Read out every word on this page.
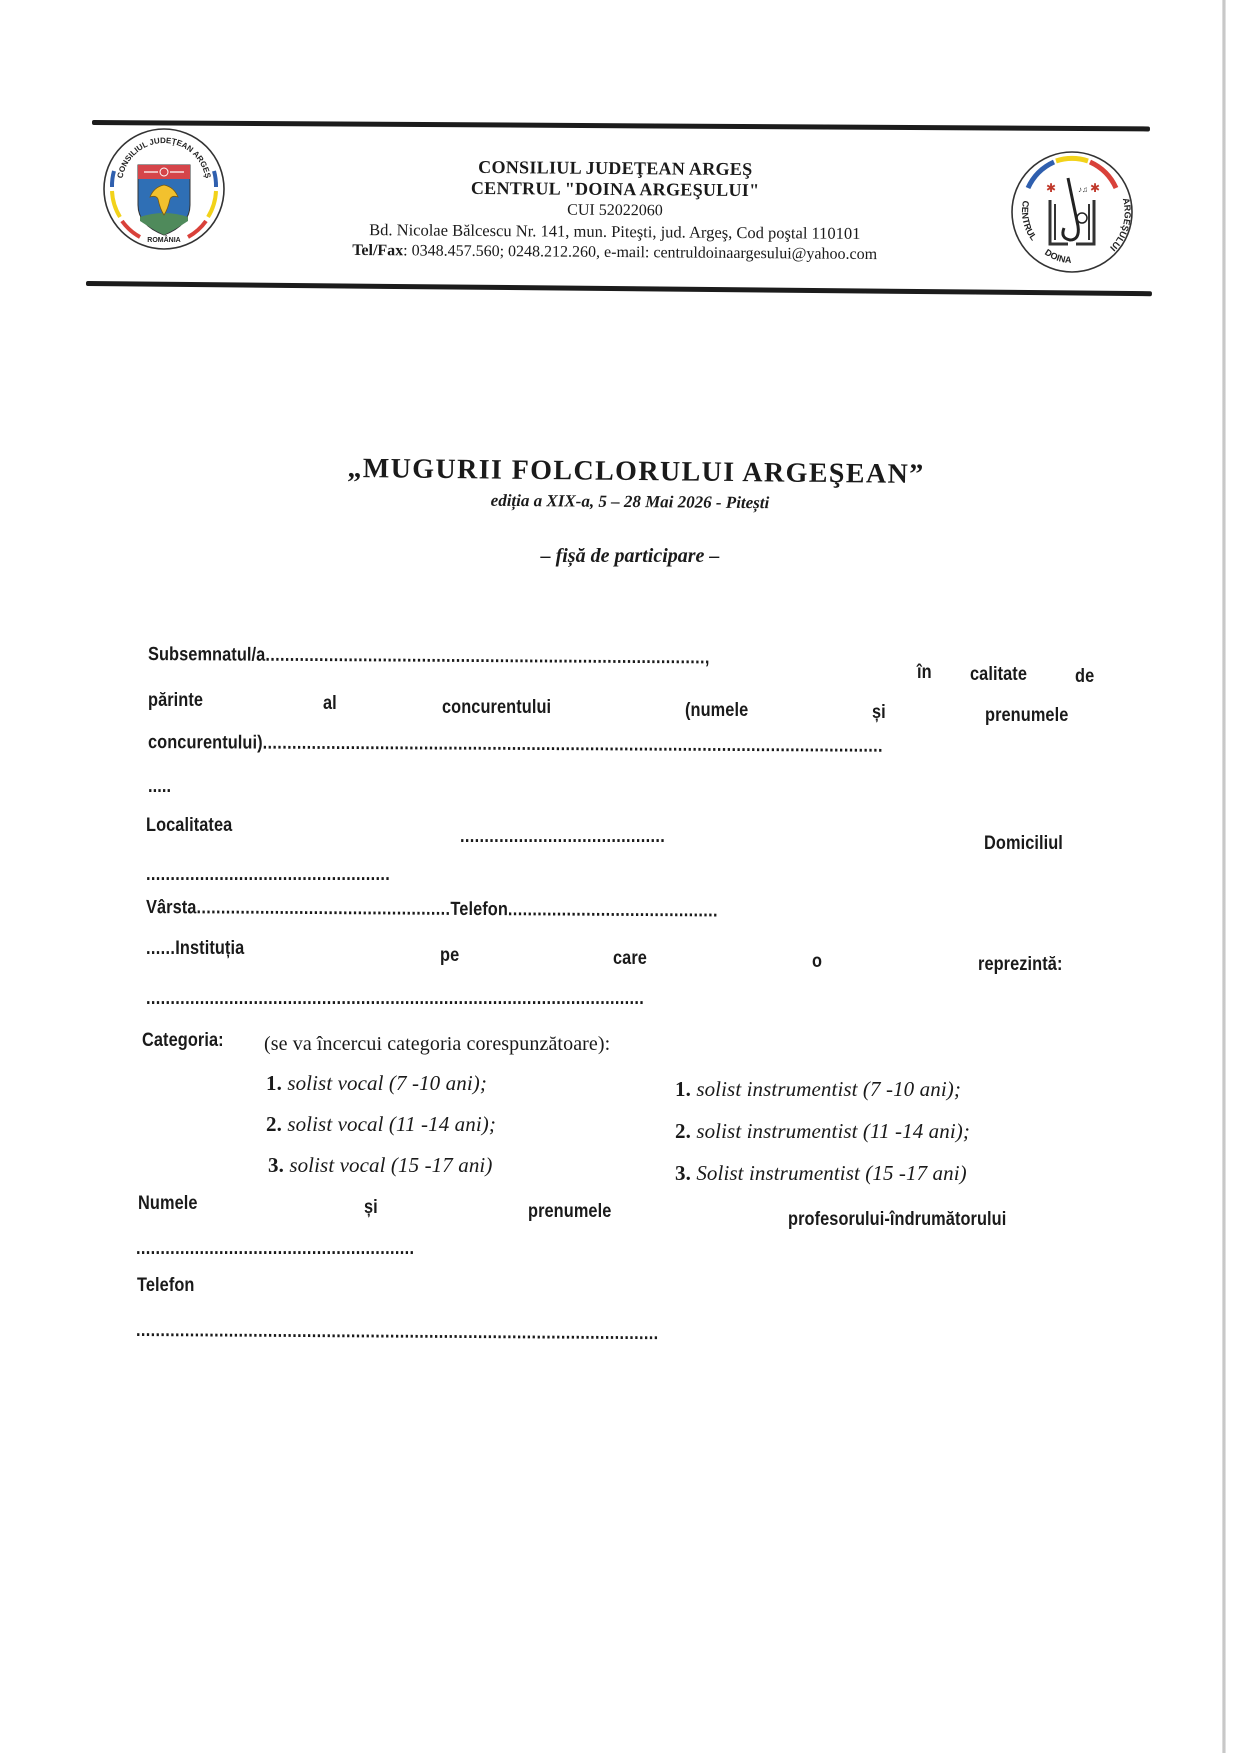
CONSILIUL JUDEŢEAN ARGEŞ
ROMÂNIA
CONSILIUL JUDEŢEAN ARGEŞ
CENTRUL "DOINA ARGEŞULUI"
CUI 52022060
Bd. Nicolae Bălcescu Nr. 141, mun. Piteşti, jud. Argeş, Cod poştal 110101
Tel/Fax: 0348.457.560; 0248.212.260, e-mail: centruldoinaargesului@yahoo.com
CENTRUL
DOINA
ARGEŞULUI
✱	✱
♪♫
„MUGURII FOLCLORULUI ARGEŞEAN”
ediția a XIX-a, 5 – 28 Mai 2026 - Pitești
– fișă de participare –
Subsemnatul/a..........................................................................................,
în calitate	de
părinte	al	concurentului	(numele	și	prenumele
concurentului)...............................................................................................................................
.....
Localitatea
..........................................	Domiciliul
..................................................
Vârsta....................................................Telefon...........................................
......Instituția	pe	care	o	reprezintă:
......................................................................................................
Categoria: (se va încercui categoria corespunzătoare):
1. solist vocal (7 -10 ani);
2. solist vocal (11 -14 ani);
3. solist vocal (15 -17 ani)
1. solist instrumentist (7 -10 ani);
2. solist instrumentist (11 -14 ani);
3. Solist instrumentist (15 -17 ani)
Numele	și	prenumele	profesorului-îndrumătorului
.........................................................
Telefon
...........................................................................................................
